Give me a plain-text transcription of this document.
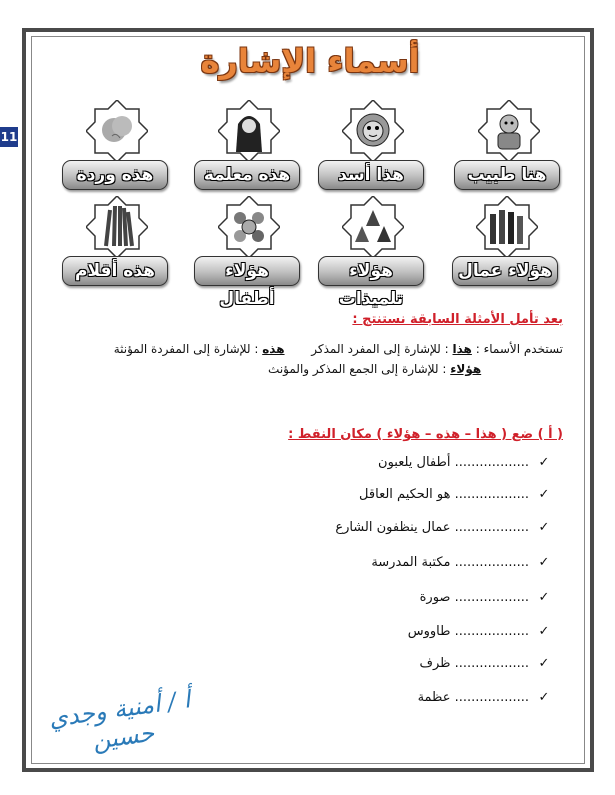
11
أسماء الإشارة
هنا طبيب
هذا أسد
هذه معلمة
هذه وردة
هؤلاء عمال
هؤلاء تلميذات
هؤلاء أطفال
هذه أقلام
بعد تأمل الأمثلة السابقة نستنتج :
تستخدم الأسماء : هذا : للإشارة إلى المفرد المذكر       هذه : للإشارة إلى المفردة المؤنثة
هؤلاء : للإشارة إلى الجمع المذكر والمؤنث
( أ ) ضع ( هذا – هذه – هؤلاء ) مكان النقط :
✓.................. أطفال يلعبون
✓.................. هو الحكيم العاقل
✓.................. عمال ينظفون الشارع
✓.................. مكتبة المدرسة
✓.................. صورة
✓.................. طاووس
✓.................. ظرف
✓.................. عظمة
أ / أمنية وجدي حسين
